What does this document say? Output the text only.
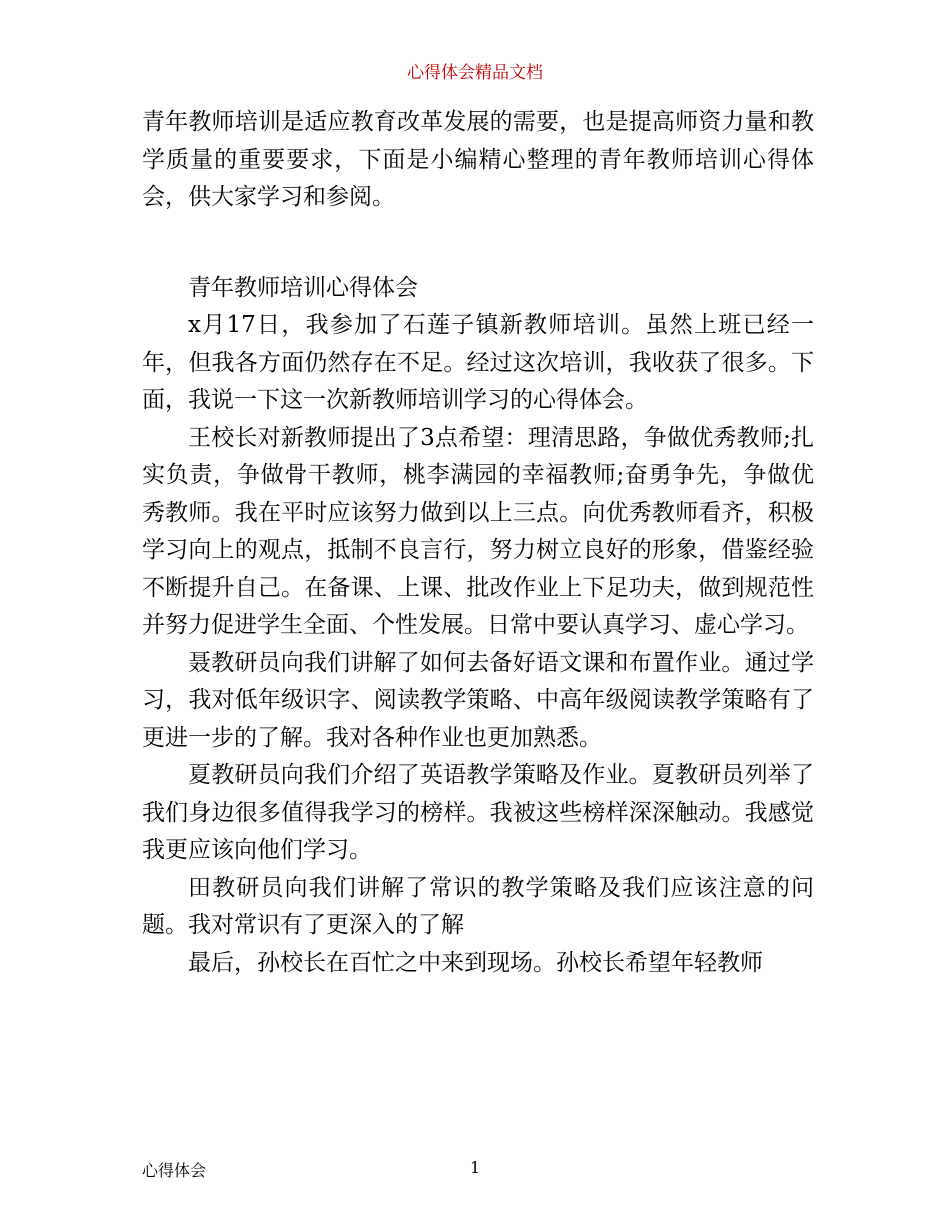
心得体会精品文档

青年教师培训是适应教育改革发展的需要，也是提高师资力量和教学质量的重要要求，下面是小编精心整理的青年教师培训心得体会，供大家学习和参阅。

青年教师培训心得体会

x月17日，我参加了石莲子镇新教师培训。虽然上班已经一年，但我各方面仍然存在不足。经过这次培训，我收获了很多。下面，我说一下这一次新教师培训学习的心得体会。

王校长对新教师提出了3点希望：理清思路，争做优秀教师;扎实负责，争做骨干教师，桃李满园的幸福教师;奋勇争先，争做优秀教师。我在平时应该努力做到以上三点。向优秀教师看齐，积极学习向上的观点，抵制不良言行，努力树立良好的形象，借鉴经验不断提升自己。在备课、上课、批改作业上下足功夫，做到规范性并努力促进学生全面、个性发展。日常中要认真学习、虚心学习。

聂教研员向我们讲解了如何去备好语文课和布置作业。通过学习，我对低年级识字、阅读教学策略、中高年级阅读教学策略有了更进一步的了解。我对各种作业也更加熟悉。

夏教研员向我们介绍了英语教学策略及作业。夏教研员列举了我们身边很多值得我学习的榜样。我被这些榜样深深触动。我感觉我更应该向他们学习。

田教研员向我们讲解了常识的教学策略及我们应该注意的问题。我对常识有了更深入的了解

最后，孙校长在百忙之中来到现场。孙校长希望年轻教师

心得体会	1
